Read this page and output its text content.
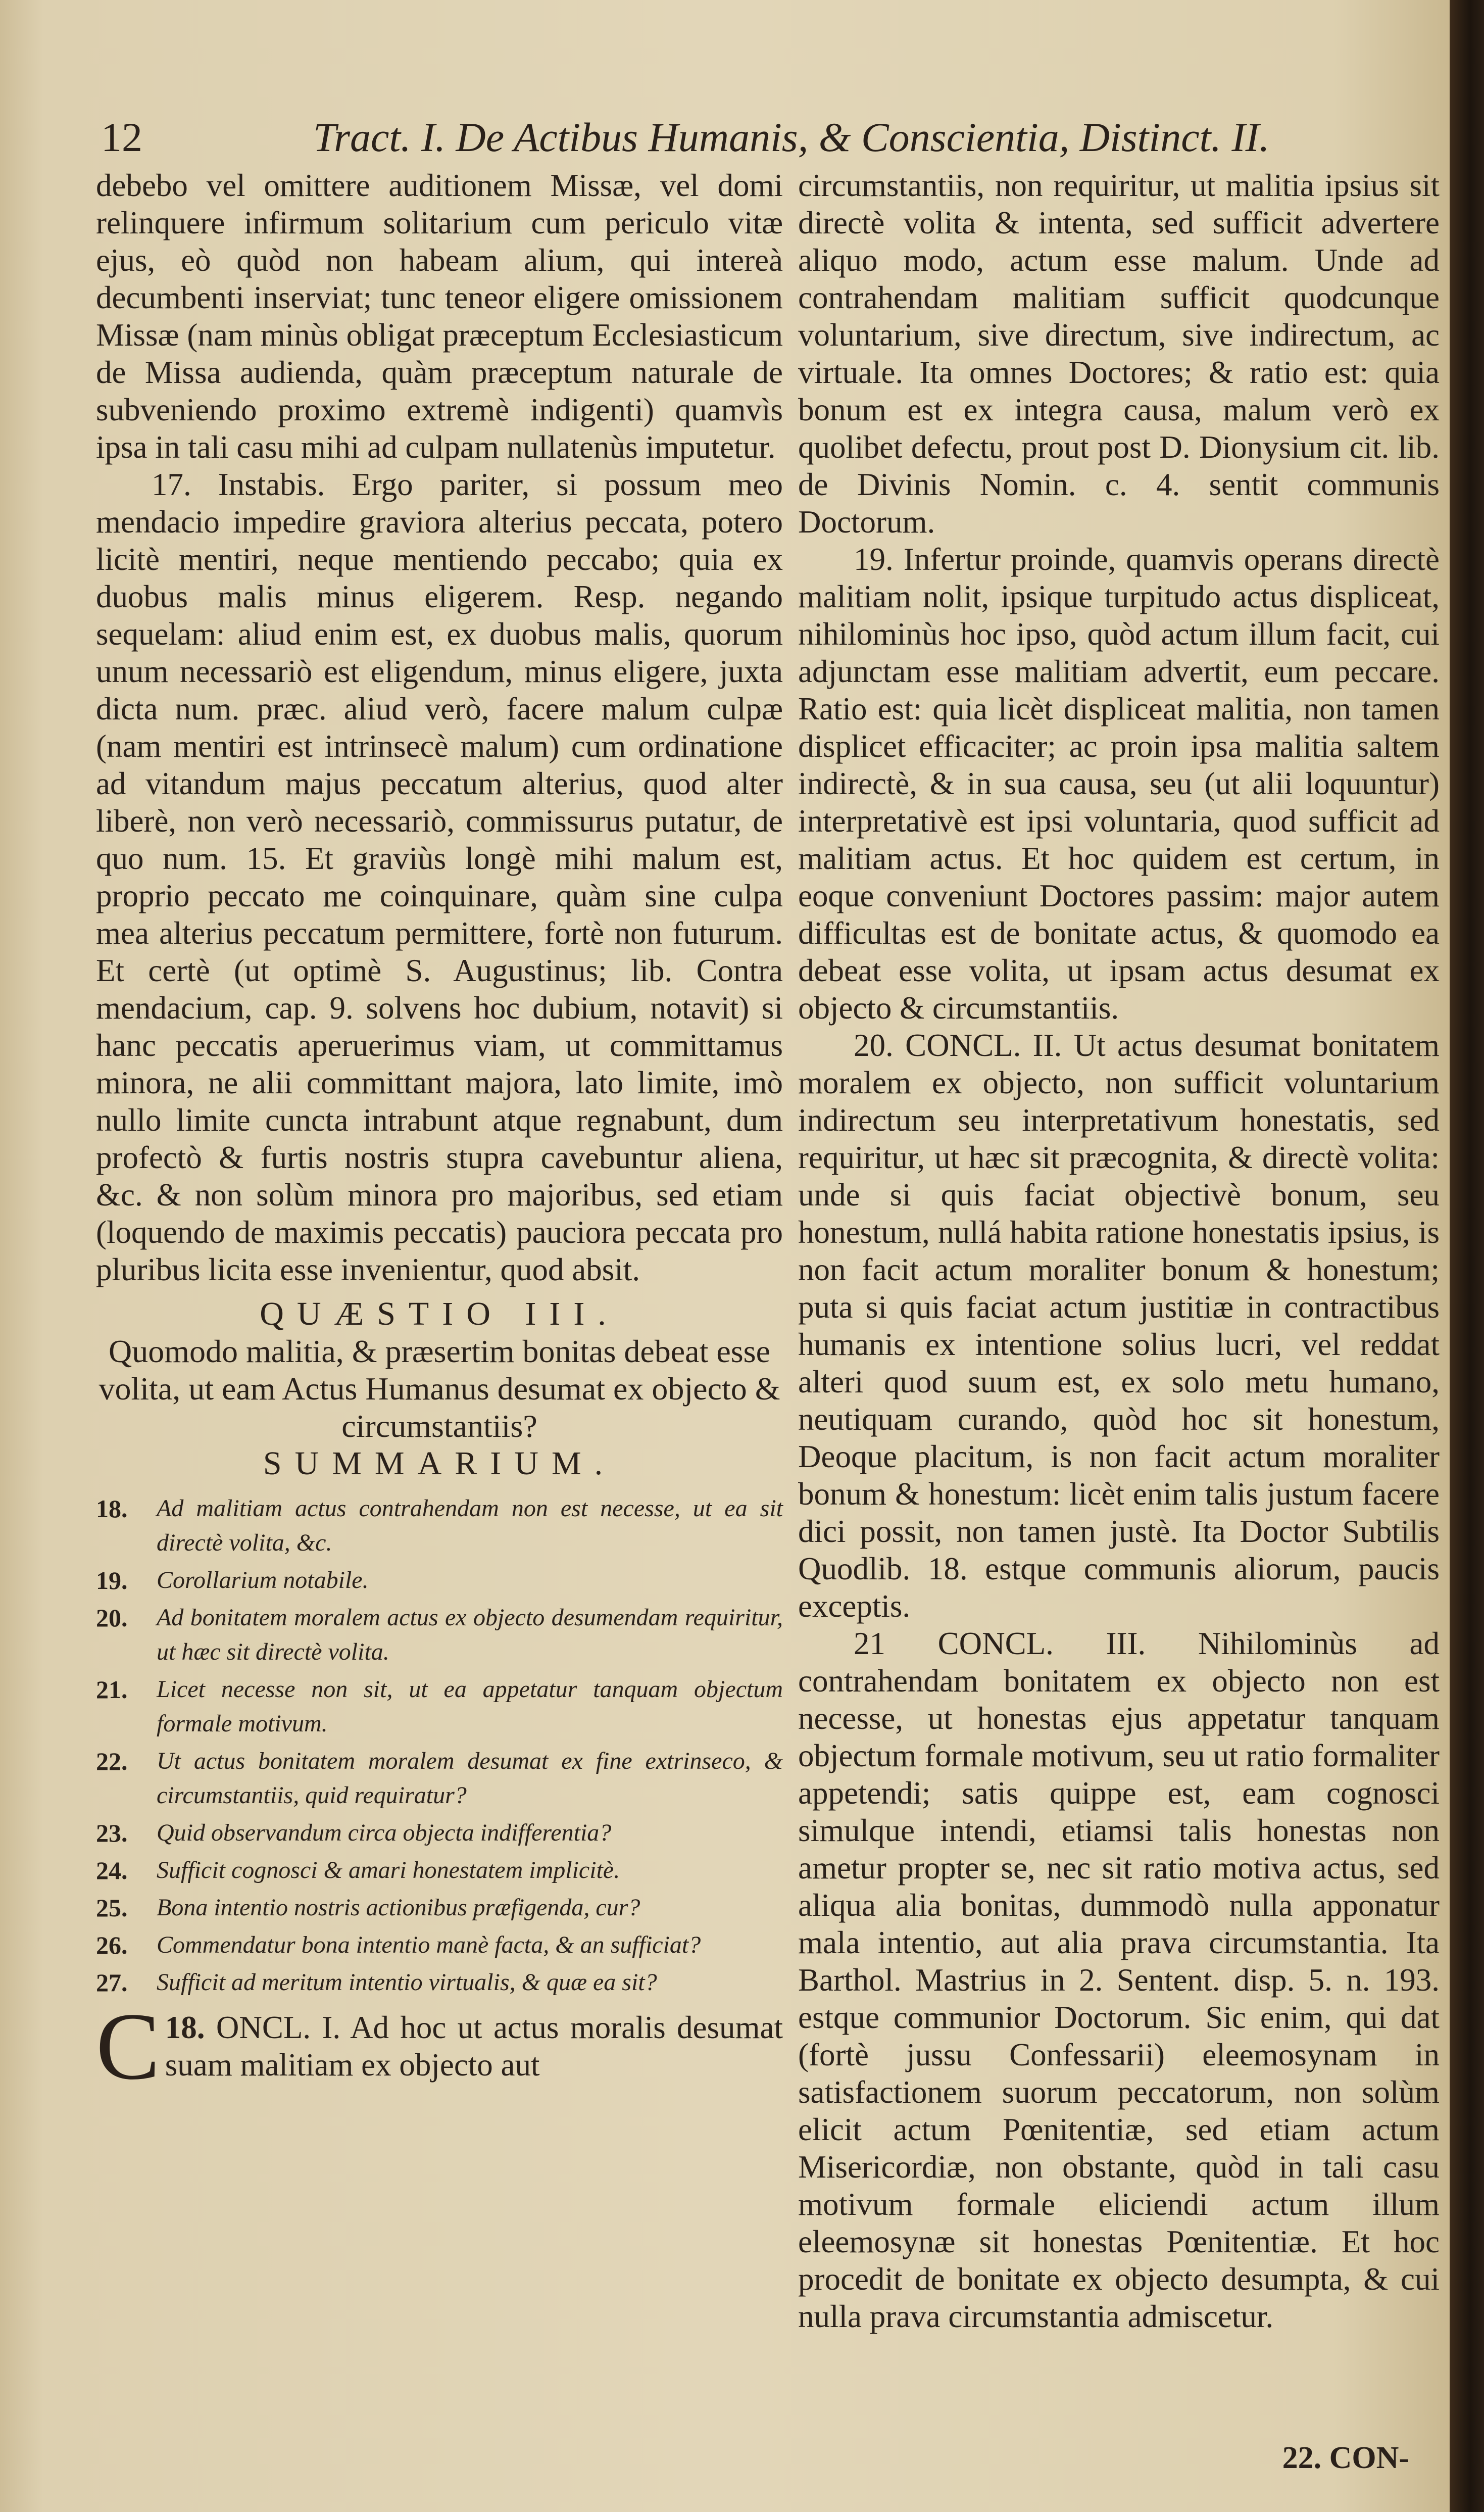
12	Tract. I. De Actibus Humanis, & Conscientia, Distinct. II.

debebo vel omittere auditionem Missæ, vel domi relinquere infirmum solitarium cum periculo vitæ ejus, eò quòd non habeam alium, qui intereà decumbenti inserviat; tunc teneor eligere omissionem Missæ (nam minùs obligat præceptum Ecclesiasticum de Missa audienda, quàm præceptum naturale de subveniendo proximo extremè indigenti) quamvìs ipsa in tali casu mihi ad culpam nullatenùs imputetur.

17. Instabis. Ergo pariter, si possum meo mendacio impedire graviora alterius peccata, potero licitè mentiri, neque mentiendo peccabo; quia ex duobus malis minus eligerem. Resp. negando sequelam: aliud enim est, ex duobus malis, quorum unum necessariò est eligendum, minus eligere, juxta dicta num. præc. aliud verò, facere malum culpæ (nam mentiri est intrinsecè malum) cum ordinatione ad vitandum majus peccatum alterius, quod alter liberè, non verò necessariò, commissurus putatur, de quo num. 15. Et graviùs longè mihi malum est, proprio peccato me coinquinare, quàm sine culpa mea alterius peccatum permittere, fortè non futurum. Et certè (ut optimè S. Augustinus; lib. Contra mendacium, cap. 9. solvens hoc dubium, notavit) si hanc peccatis aperuerimus viam, ut committamus minora, ne alii committant majora, lato limite, imò nullo limite cuncta intrabunt atque regnabunt, dum profectò & furtis nostris stupra cavebuntur aliena, &c. & non solùm minora pro majoribus, sed etiam (loquendo de maximis peccatis) pauciora peccata pro pluribus licita esse invenientur, quod absit.

QUÆSTIO III.

Quomodo malitia, & præsertim bonitas debeat esse volita, ut eam Actus Humanus desumat ex objecto & circumstantiis?

SUMMARIUM.

18.	Ad malitiam actus contrahendam non est necesse, ut ea sit directè volita, &c.
19.	Corollarium notabile.
20.	Ad bonitatem moralem actus ex objecto desumendam requiritur, ut hæc sit directè volita.
21.	Licet necesse non sit, ut ea appetatur tanquam objectum formale motivum.
22.	Ut actus bonitatem moralem desumat ex fine extrinseco, & circumstantiis, quid requiratur?
23.	Quid observandum circa objecta indifferentia?
24.	Sufficit cognosci & amari honestatem implicitè.
25.	Bona intentio nostris actionibus præfigenda, cur?
26.	Commendatur bona intentio manè facta, & an sufficiat?
27.	Sufficit ad meritum intentio virtualis, & quæ ea sit?

18.
C ONCL. I. Ad hoc ut actus moralis desumat suam malitiam ex objecto aut

circumstantiis, non requiritur, ut malitia ipsius sit directè volita & intenta, sed sufficit advertere aliquo modo, actum esse malum. Unde ad contrahendam malitiam sufficit quodcunque voluntarium, sive directum, sive indirectum, ac virtuale. Ita omnes Doctores; & ratio est: quia bonum est ex integra causa, malum verò ex quolibet defectu, prout post D. Dionysium cit. lib. de Divinis Nomin. c. 4. sentit communis Doctorum.

19. Infertur proinde, quamvis operans directè malitiam nolit, ipsique turpitudo actus displiceat, nihilominùs hoc ipso, quòd actum illum facit, cui adjunctam esse malitiam advertit, eum peccare. Ratio est: quia licèt displiceat malitia, non tamen displicet efficaciter; ac proin ipsa malitia saltem indirectè, & in sua causa, seu (ut alii loquuntur) interpretativè est ipsi voluntaria, quod sufficit ad malitiam actus. Et hoc quidem est certum, in eoque conveniunt Doctores passim: major autem difficultas est de bonitate actus, & quomodo ea debeat esse volita, ut ipsam actus desumat ex objecto & circumstantiis.

20. CONCL. II. Ut actus desumat bonitatem moralem ex objecto, non sufficit voluntarium indirectum seu interpretativum honestatis, sed requiritur, ut hæc sit præcognita, & directè volita: unde si quis faciat objectivè bonum, seu honestum, nullá habita ratione honestatis ipsius, is non facit actum moraliter bonum & honestum; puta si quis faciat actum justitiæ in contractibus humanis ex intentione solius lucri, vel reddat alteri quod suum est, ex solo metu humano, neutiquam curando, quòd hoc sit honestum, Deoque placitum, is non facit actum moraliter bonum & honestum: licèt enim talis justum facere dici possit, non tamen justè. Ita Doctor Subtilis Quodlib. 18. estque communis aliorum, paucis exceptis.

21 CONCL. III. Nihilominùs ad contrahendam bonitatem ex objecto non est necesse, ut honestas ejus appetatur tanquam objectum formale motivum, seu ut ratio formaliter appetendi; satis quippe est, eam cognosci simulque intendi, etiamsi talis honestas non ametur propter se, nec sit ratio motiva actus, sed aliqua alia bonitas, dummodò nulla apponatur mala intentio, aut alia prava circumstantia. Ita Barthol. Mastrius in 2. Sentent. disp. 5. n. 193. estque communior Doctorum. Sic enim, qui dat (fortè jussu Confessarii) eleemosynam in satisfactionem suorum peccatorum, non solùm elicit actum Pœnitentiæ, sed etiam actum Misericordiæ, non obstante, quòd in tali casu motivum formale eliciendi actum illum eleemosynæ sit honestas Pœnitentiæ. Et hoc procedit de bonitate ex objecto desumpta, & cui nulla prava circumstantia admiscetur.

22. CON-
